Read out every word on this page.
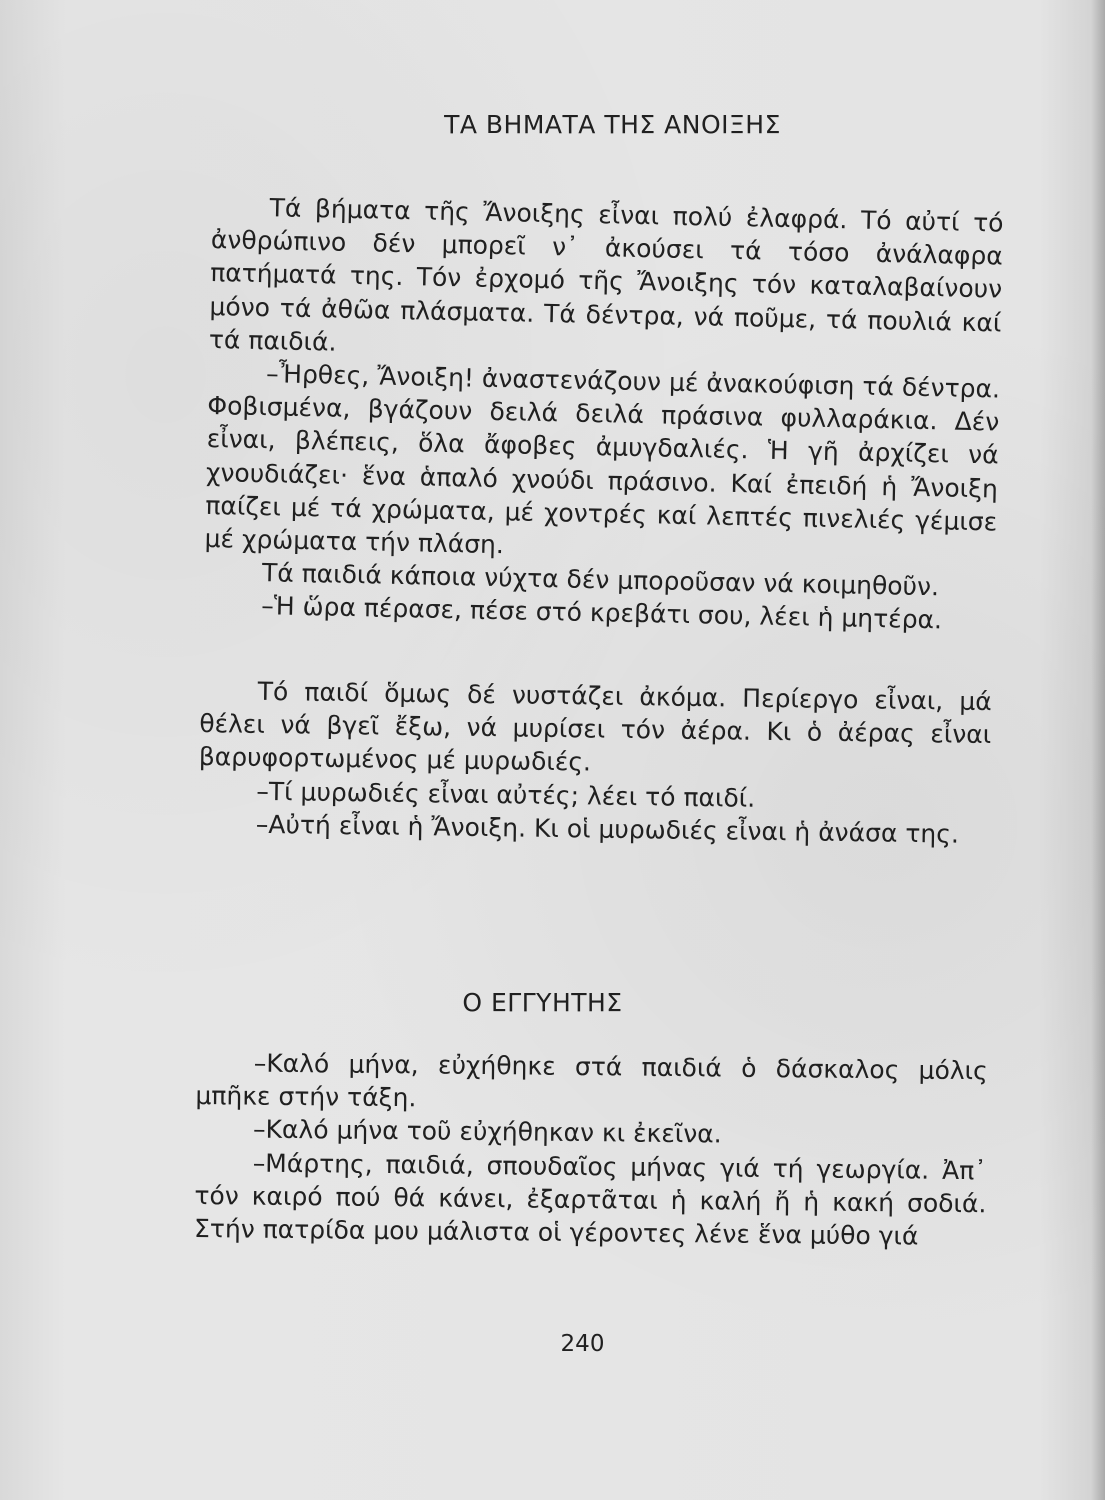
ΤΑ ΒΗΜΑΤΑ ΤΗΣ ΑΝΟΙΞΗΣ

Τά βήματα τῆς Ἄνοιξης εἶναι πολύ ἐλαφρά. Τό αὐτί τό ἀνθρώπινο δέν μπορεῖ ν᾿ ἀκούσει τά τόσο ἀνάλαφρα πατήματά της. Τόν ἐρχομό τῆς Ἄνοιξης τόν καταλαβαίνουν μόνο τά ἀθῶα πλάσματα. Τά δέντρα, νά ποῦμε, τά πουλιά καί τά παιδιά.

–Ἦρθες, Ἄνοιξη! ἀναστενάζουν μέ ἀνακούφιση τά δέντρα. Φοβισμένα, βγάζουν δειλά δειλά πράσινα φυλλαράκια. Δέν εἶναι, βλέπεις, ὅλα ἄφοβες ἀμυγδαλιές. Ἡ γῆ ἀρχίζει νά χνουδιάζει· ἕνα ἁπαλό χνούδι πράσινο. Καί ἐπειδή ἡ Ἄνοιξη παίζει μέ τά χρώματα, μέ χοντρές καί λεπτές πινελιές γέμισε μέ χρώματα τήν πλάση.

Τά παιδιά κάποια νύχτα δέν μποροῦσαν νά κοιμηθοῦν.

–Ἡ ὥρα πέρασε, πέσε στό κρεβάτι σου, λέει ἡ μητέρα.

Τό παιδί ὅμως δέ νυστάζει ἀκόμα. Περίεργο εἶναι, μά θέλει νά βγεῖ ἔξω, νά μυρίσει τόν ἀέρα. Κι ὁ ἀέρας εἶναι βαρυφορτωμένος μέ μυρωδιές.

–Τί μυρωδιές εἶναι αὐτές; λέει τό παιδί.

–Αὐτή εἶναι ἡ Ἄνοιξη. Κι οἱ μυρωδιές εἶναι ἡ ἀνάσα της.

Ο ΕΓΓΥΗΤΗΣ

–Καλό μήνα, εὐχήθηκε στά παιδιά ὁ δάσκαλος μόλις μπῆκε στήν τάξη.

–Καλό μήνα τοῦ εὐχήθηκαν κι ἐκεῖνα.

–Μάρτης, παιδιά, σπουδαῖος μήνας γιά τή γεωργία. Ἀπ᾿ τόν καιρό πού θά κάνει, ἐξαρτᾶται ἡ καλή ἤ ἡ κακή σοδιά. Στήν πατρίδα μου μάλιστα οἱ γέροντες λένε ἕνα μύθο γιά

240
